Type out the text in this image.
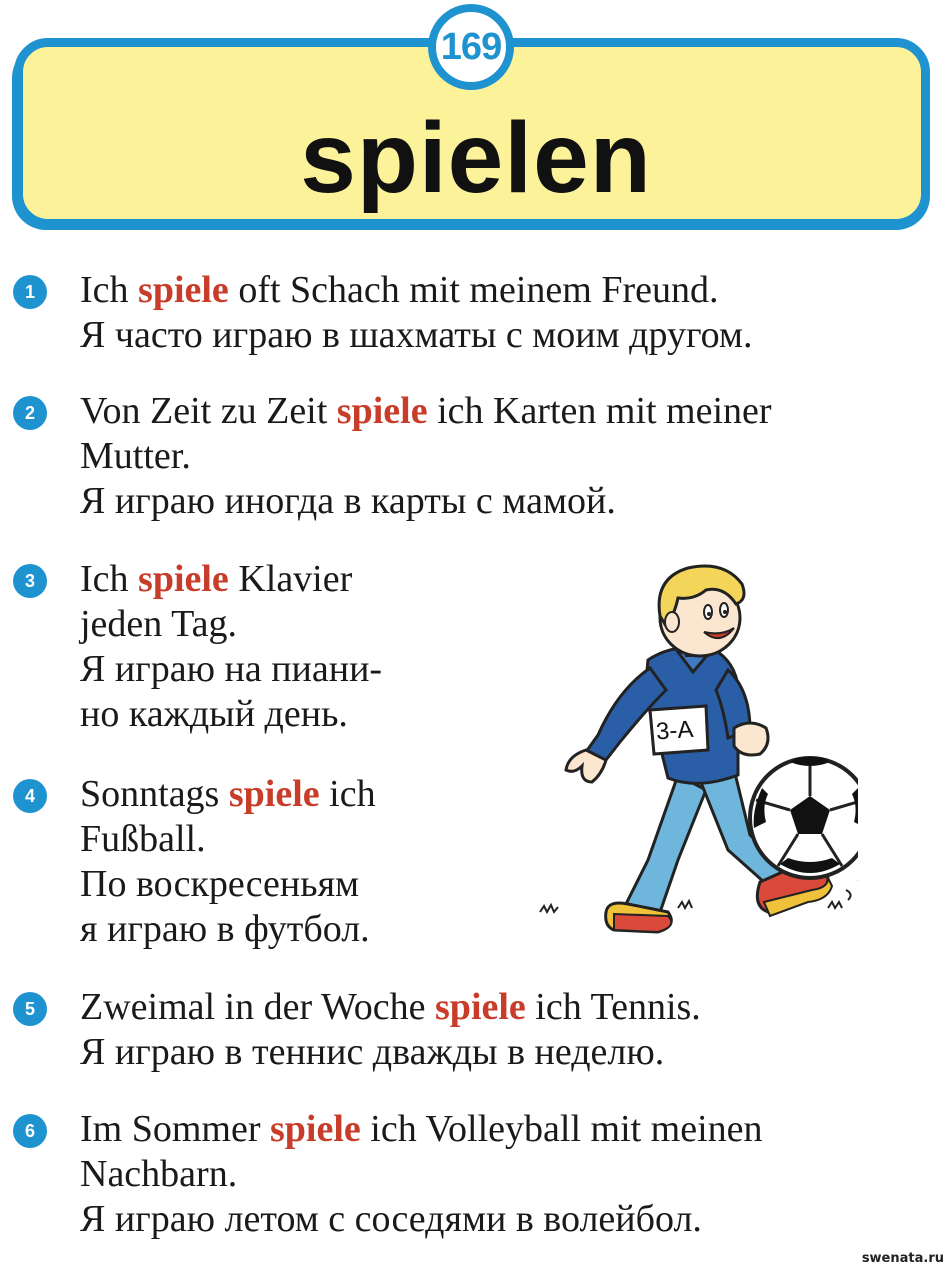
169
spielen
1	Ich spiele oft Schach mit meinem Freund.
Я часто играю в шахматы с моим другом.
2	Von Zeit zu Zeit spiele ich Karten mit meiner
Mutter.
Я играю иногда в карты с мамой.
3	Ich spiele Klavier
jeden Tag.
Я играю на пиани-
но каждый день.
4	Sonntags spiele ich
Fußball.
По воскресеньям
я играю в футбол.
5	Zweimal in der Woche spiele ich Tennis.
Я играю в теннис дважды в неделю.
6	Im Sommer spiele ich Volleyball mit meinen
Nachbarn.
Я играю летом с соседями в волейбол.
3-A
swenata.ru
